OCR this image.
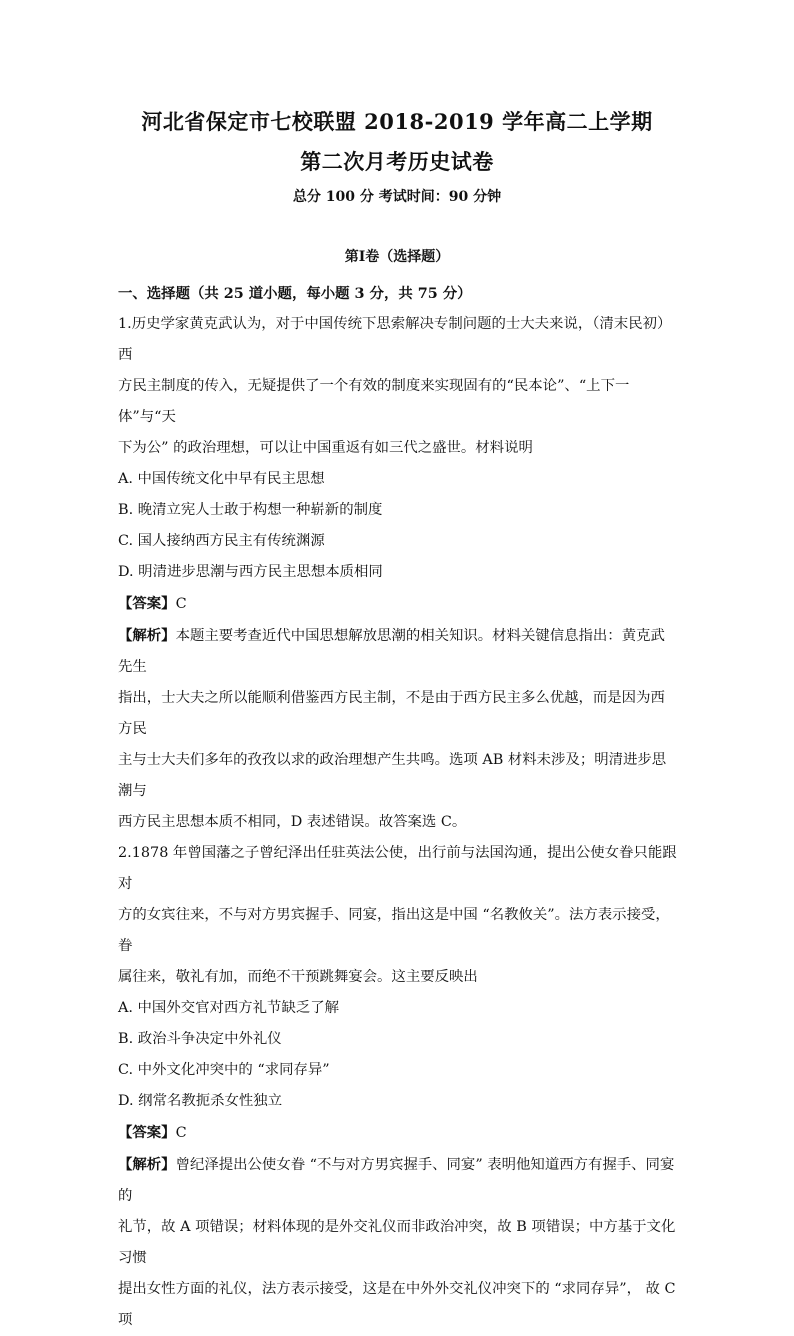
河北省保定市七校联盟 2018-2019 学年高二上学期
第二次月考历史试卷
总分 100 分 考试时间：90 分钟
第Ⅰ卷（选择题）

一、选择题（共 25 道小题，每小题 3 分，共 75 分）

1.历史学家黄克武认为，对于中国传统下思索解决专制问题的士大夫来说，（清末民初）西

方民主制度的传入，无疑提供了一个有效的制度来实现固有的“民本论”、“上下一体”与“天

下为公” 的政治理想，可以让中国重返有如三代之盛世。材料说明

A. 中国传统文化中早有民主思想

B. 晚清立宪人士敢于构想一种崭新的制度

C. 国人接纳西方民主有传统渊源

D. 明清进步思潮与西方民主思想本质相同

【答案】C

【解析】本题主要考查近代中国思想解放思潮的相关知识。材料关键信息指出：黄克武先生

指出，士大夫之所以能顺利借鉴西方民主制，不是由于西方民主多么优越，而是因为西方民

主与士大夫们多年的孜孜以求的政治理想产生共鸣。选项 AB 材料未涉及；明清进步思潮与

西方民主思想本质不相同，D 表述错误。故答案选 C。

2.1878 年曾国藩之子曾纪泽出任驻英法公使，出行前与法国沟通，提出公使女眷只能跟对

方的女宾往来，不与对方男宾握手、同宴，指出这是中国 “名教攸关”。法方表示接受，眷

属往来，敬礼有加，而绝不干预跳舞宴会。这主要反映出

A. 中国外交官对西方礼节缺乏了解

B. 政治斗争决定中外礼仪

C. 中外文化冲突中的 “求同存异”

D. 纲常名教扼杀女性独立

【答案】C

【解析】曾纪泽提出公使女眷 “不与对方男宾握手、同宴” 表明他知道西方有握手、同宴的

礼节，故 A 项错误；材料体现的是外交礼仪而非政治冲突，故 B 项错误；中方基于文化习惯

提出女性方面的礼仪，法方表示接受，这是在中外外交礼仪冲突下的 “求同存异”， 故 C 项
